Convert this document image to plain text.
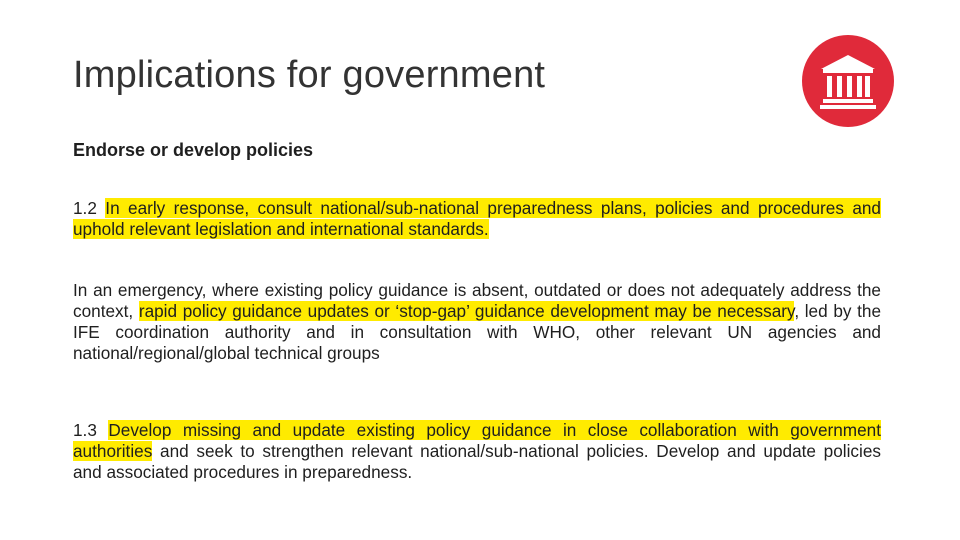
Implications for government
Endorse or develop policies
1.2 In early response, consult national/sub-national preparedness plans, policies and procedures and uphold relevant legislation and international standards.
In an emergency, where existing policy guidance is absent, outdated or does not adequately address the context, rapid policy guidance updates or ‘stop-gap’ guidance development may be necessary, led by the IFE coordination authority and in consultation with WHO, other relevant UN agencies and national/regional/global technical groups
1.3 Develop missing and update existing policy guidance in close collaboration with government authorities and seek to strengthen relevant national/sub-national policies. Develop and update policies and associated procedures in preparedness.
